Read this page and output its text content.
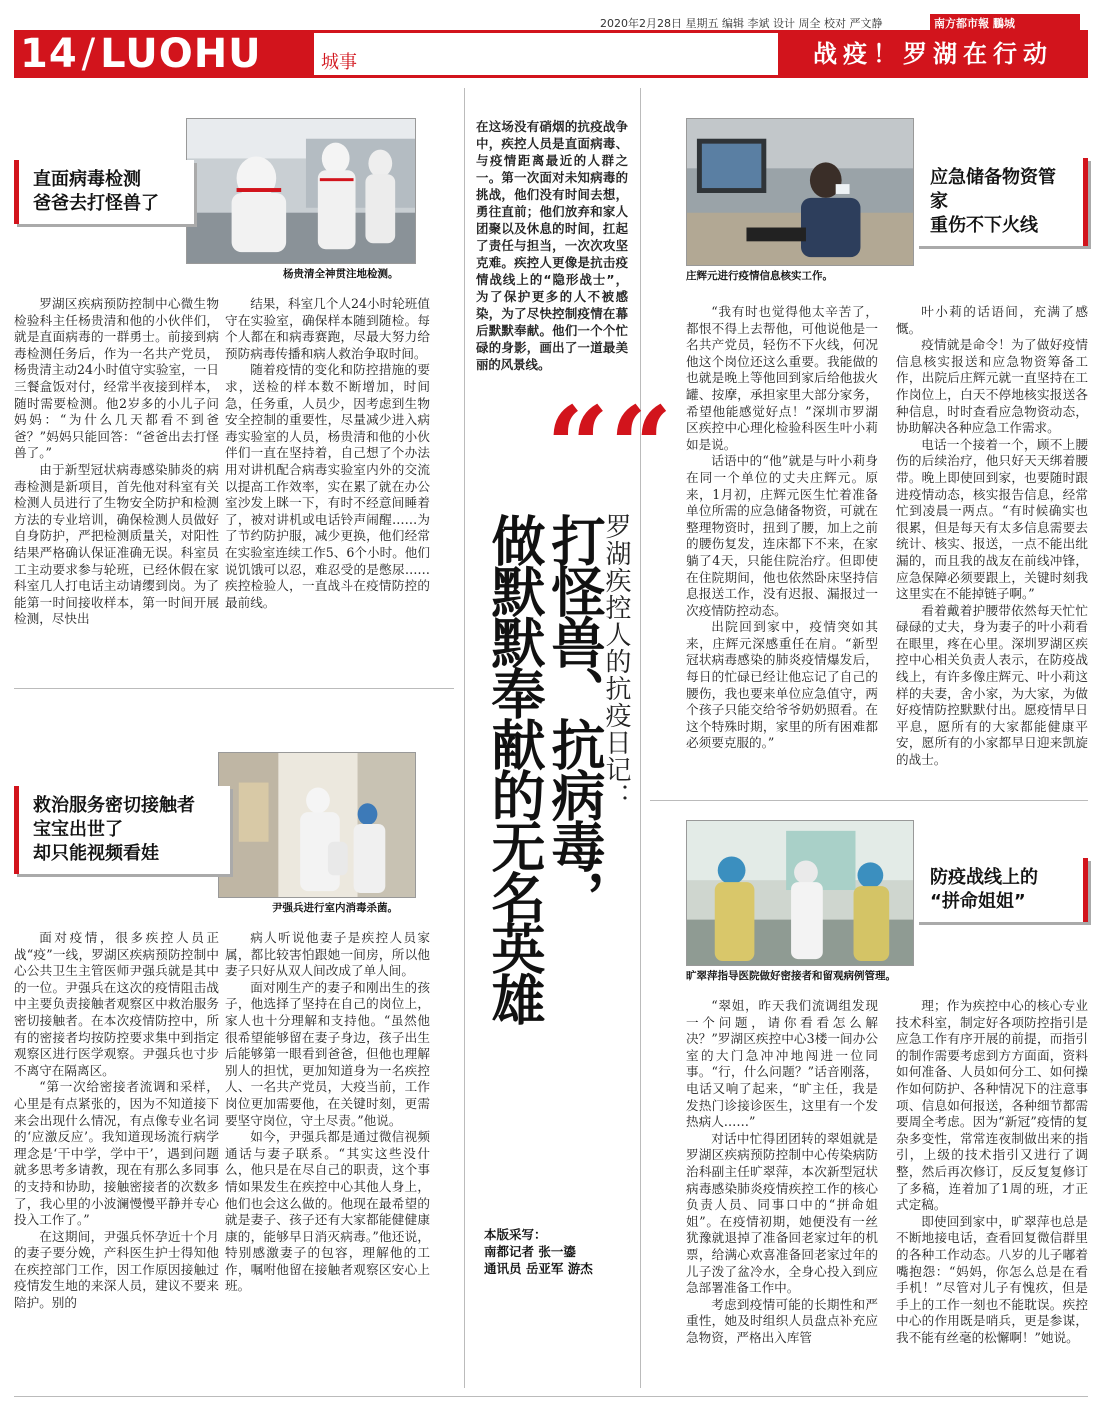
2020年2月28日 星期五 编辑 李斌 设计 周全 校对 严文静	南方都市報 鵬城
14 / LUOHU	城事	战疫！罗湖在行动
杨贵清全神贯注地检测。
直面病毒检测
爸爸去打怪兽了

罗湖区疾病预防控制中心微生物检验科主任杨贵清和他的小伙伴们，就是直面病毒的一群勇士。前接到病毒检测任务后，作为一名共产党员，杨贵清主动24小时值守实验室，一日三餐盒饭对付，经常半夜接到样本，随时需要检测。他2岁多的小儿子问妈妈：“为什么几天都看不到爸爸？”妈妈只能回答：“爸爸出去打怪兽了。”

由于新型冠状病毒感染肺炎的病毒检测是新项目，首先他对科室有关检测人员进行了生物安全防护和检测方法的专业培训，确保检测人员做好自身防护，严把检测质量关，对阳性结果严格确认保证准确无误。科室员工主动要求参与轮班，已经休假在家科室几人打电话主动请缨到岗。为了能第一时间接收样本，第一时间开展检测，尽快出

结果，科室几个人24小时轮班值守在实验室，确保样本随到随检。每个人都在和病毒赛跑，尽最大努力给预防病毒传播和病人救治争取时间。

随着疫情的变化和防控措施的要求，送检的样本数不断增加，时间急，任务重，人员少，因考虑到生物安全控制的重要性，尽量减少进入病毒实验室的人员，杨贵清和他的小伙伴们一直在坚持着，自己想了个办法用对讲机配合病毒实验室内外的交流以提高工作效率，实在累了就在办公室沙发上眯一下，有时不经意间睡着了，被对讲机或电话铃声闹醒……为了节约防护服，减少更换，他们经常在实验室连续工作5、6个小时。他们说饥饿可以忍，难忍受的是憋尿……疾控检验人，一直战斗在疫情防控的最前线。

尹强兵进行室内消毒杀菌。
救治服务密切接触者
宝宝出世了
却只能视频看娃

面对疫情，很多疾控人员正战“疫”一线，罗湖区疾病预防控制中心公共卫生主管医师尹强兵就是其中的一位。尹强兵在这次的疫情阻击战中主要负责接触者观察区中救治服务密切接触者。在本次疫情防控中，所有的密接者均按防控要求集中到指定观察区进行医学观察。尹强兵也寸步不离守在隔离区。

“第一次给密接者流调和采样，心里是有点紧张的，因为不知道接下来会出现什么情况，有点像专业名词的‘应激反应’。我知道现场流行病学理念是‘干中学，学中干’，遇到问题就多思考多请教，现在有那么多同事的支持和协助，接触密接者的次数多了，我心里的小波澜慢慢平静并专心投入工作了。”

在这期间，尹强兵怀孕近十个月的妻子要分娩，产科医生护士得知他在疾控部门工作，因工作原因接触过疫情发生地的来深人员，建议不要来陪护。别的

病人听说他妻子是疾控人员家属，都比较害怕跟她一间房，所以他妻子只好从双人间改成了单人间。

面对刚生产的妻子和刚出生的孩子，他选择了坚持在自己的岗位上，家人也十分理解和支持他。“虽然他很希望能够留在妻子身边，孩子出生后能够第一眼看到爸爸，但他也理解别人的担忧，更加知道身为一名疾控人、一名共产党员，大疫当前，工作岗位更加需要他，在关键时刻，更需要坚守岗位，守土尽责。”他说。

如今，尹强兵都是通过微信视频通话与妻子联系。“其实这些没什么，他只是在尽自己的职责，这个事情如果发生在疾控中心其他人身上，他们也会这么做的。他现在最希望的就是妻子、孩子还有大家都能健健康康的，能够早日消灭病毒。”他还说，特别感激妻子的包容，理解他的工作，嘱咐他留在接触者观察区安心上班。

在这场没有硝烟的抗疫战争中，疾控人员是直面病毒、与疫情距离最近的人群之一。第一次面对未知病毒的挑战，他们没有时间去想，勇往直前；他们放弃和家人团聚以及休息的时间，扛起了责任与担当，一次次攻坚克难。疾控人更像是抗击疫情战线上的“隐形战士”，为了保护更多的人不被感染，为了尽快控制疫情在幕后默默奉献。他们一个个忙碌的身影，画出了一道最美丽的风景线。
““
罗湖疾控人的抗疫日记：
打怪兽、抗病毒，
做默默奉献的无名英雄
本版采写：
南都记者 张一鎏
通讯员 岳亚军 游杰
庄辉元进行疫情信息核实工作。
应急储备物资管家
重伤不下火线

“我有时也觉得他太辛苦了，都恨不得上去帮他，可他说他是一名共产党员，轻伤不下火线，何况他这个岗位还这么重要。我能做的也就是晚上等他回到家后给他拔火罐、按摩，承担家里大部分家务，希望他能感觉好点！”深圳市罗湖区疾控中心理化检验科医生叶小莉如是说。

话语中的“他”就是与叶小莉身在同一个单位的丈夫庄辉元。原来，1月初，庄辉元医生忙着准备单位所需的应急储备物资，可就在整理物资时，扭到了腰，加上之前的腰伤复发，连床都下不来，在家躺了4天，只能住院治疗。但即使在住院期间，他也依然卧床坚持信息报送工作，没有迟报、漏报过一次疫情防控动态。

出院回到家中，疫情突如其来，庄辉元深感重任在肩。“新型冠状病毒感染的肺炎疫情爆发后，每日的忙碌已经让他忘记了自己的腰伤，我也要来单位应急值守，两个孩子只能交给爷爷奶奶照看。在这个特殊时期，家里的所有困难都必须要克服的。”

叶小莉的话语间，充满了感慨。

疫情就是命令！为了做好疫情信息核实报送和应急物资筹备工作，出院后庄辉元就一直坚持在工作岗位上，白天不停地核实报送各种信息，时时查看应急物资动态，协助解决各种应急工作需求。

电话一个接着一个，顾不上腰伤的后续治疗，他只好天天绑着腰带。晚上即使回到家，也要随时跟进疫情动态，核实报告信息，经常忙到凌晨一两点。“有时候确实也很累，但是每天有太多信息需要去统计、核实、报送，一点不能出纰漏的，而且我的战友在前线冲锋，应急保障必须要跟上，关键时刻我这里实在不能掉链子啊。”

看着戴着护腰带依然每天忙忙碌碌的丈夫，身为妻子的叶小莉看在眼里，疼在心里。深圳罗湖区疾控中心相关负责人表示，在防疫战线上，有许多像庄辉元、叶小莉这样的夫妻，舍小家，为大家，为做好疫情防控默默付出。愿疫情早日平息，愿所有的大家都能健康平安，愿所有的小家都早日迎来凯旋的战士。

旷翠萍指导医院做好密接者和留观病例管理。
防疫战线上的
“拼命姐姐”

“翠姐，昨天我们流调组发现一个问题，请你看看怎么解决？”罗湖区疾控中心3楼一间办公室的大门急冲冲地闯进一位同事。“行，什么问题？”话音刚落，电话又响了起来，“旷主任，我是发热门诊接诊医生，这里有一个发热病人……”

对话中忙得团团转的翠姐就是罗湖区疾病预防控制中心传染病防治科副主任旷翠萍，本次新型冠状病毒感染肺炎疫情疾控工作的核心负责人员、同事口中的“拼命姐姐”。在疫情初期，她便没有一丝犹豫就退掉了准备回老家过年的机票，给满心欢喜准备回老家过年的儿子泼了盆冷水，全身心投入到应急部署准备工作中。

考虑到疫情可能的长期性和严重性，她及时组织人员盘点补充应急物资，严格出入库管

理；作为疾控中心的核心专业技术科室，制定好各项防控指引是应急工作有序开展的前提，而指引的制作需要考虑到方方面面，资料如何准备、人员如何分工、如何操作如何防护、各种情况下的注意事项、信息如何报送，各种细节都需要周全考虑。因为“新冠”疫情的复杂多变性，常常连夜制做出来的指引，上级的技术指引又进行了调整，然后再次修订，反反复复修订了多稿，连着加了1周的班，才正式定稿。

即使回到家中，旷翠萍也总是不断地接电话，查看回复微信群里的各种工作动态。八岁的儿子嘟着嘴抱怨：“妈妈，你怎么总是在看手机！”尽管对儿子有愧疚，但是手上的工作一刻也不能耽误。疾控中心的作用既是哨兵，更是参谋，我不能有丝毫的松懈啊！”她说。
